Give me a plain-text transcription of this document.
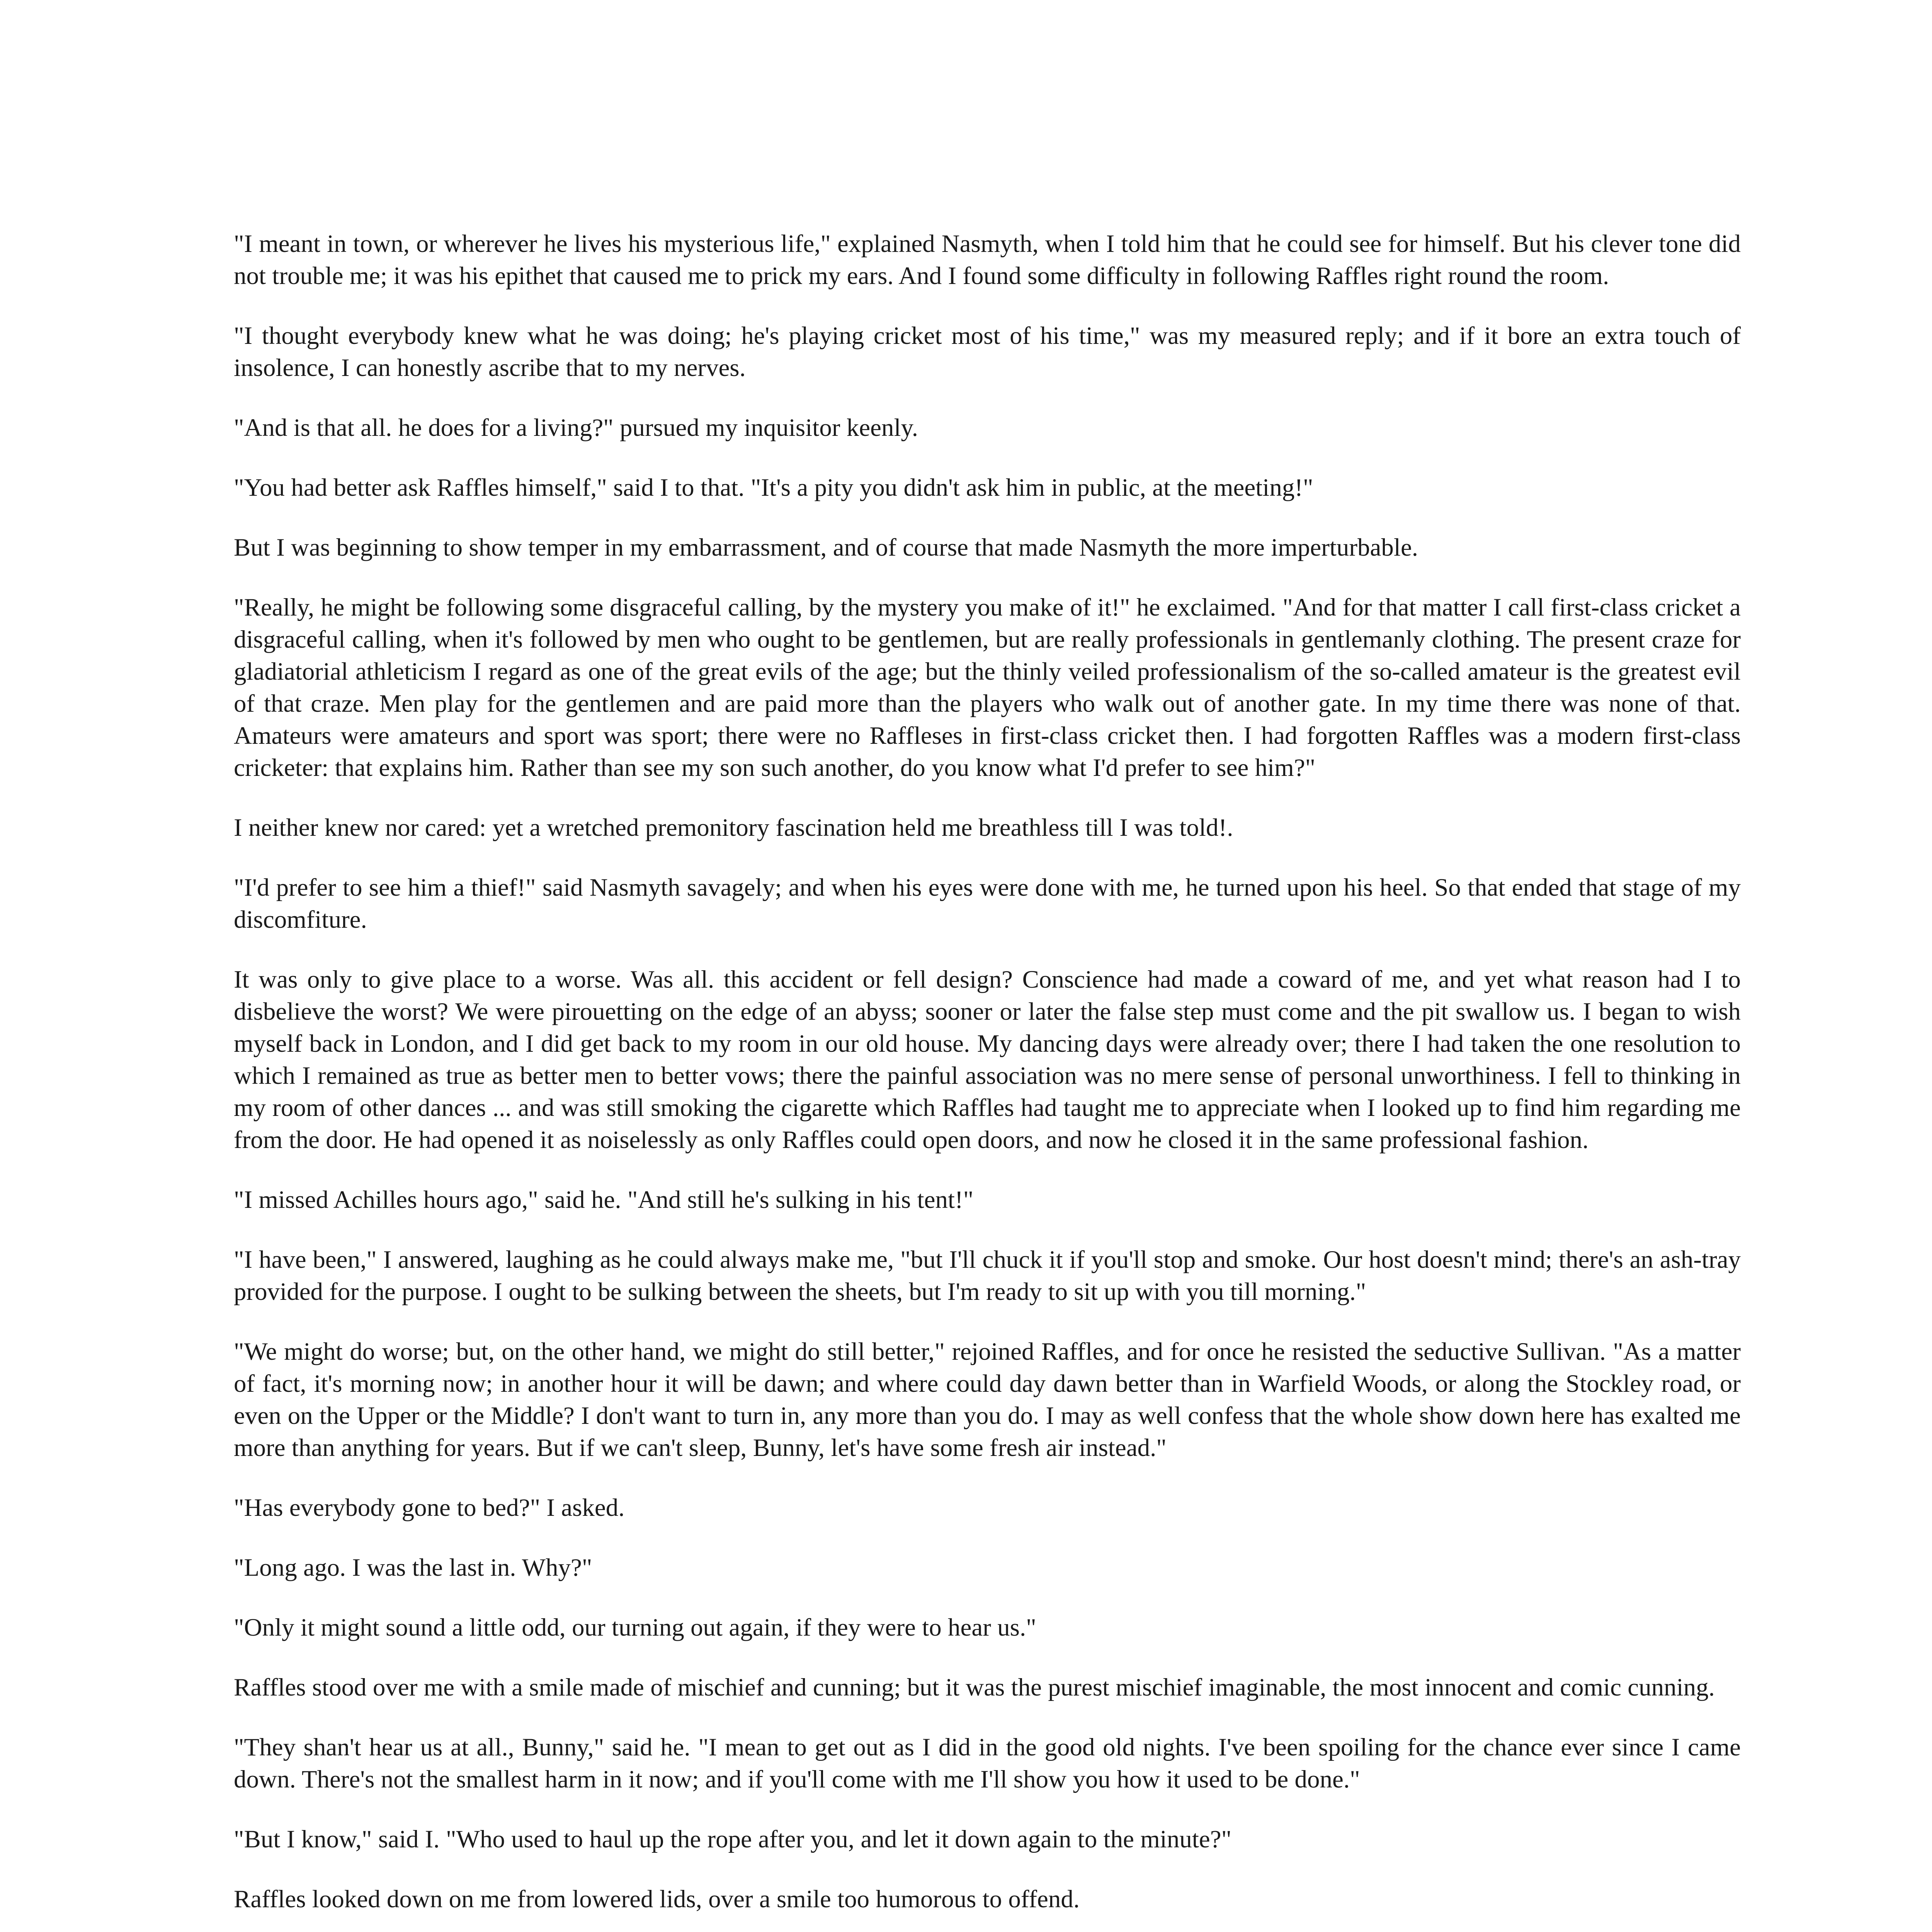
"I meant in town, or wherever he lives his mysterious life," explained Nasmyth, when I told him that he could see for himself. But his clever tone did not trouble me; it was his epithet that caused me to prick my ears. And I found some difficulty in following Raffles right round the room.

"I thought everybody knew what he was doing; he's playing cricket most of his time," was my measured reply; and if it bore an extra touch of insolence, I can honestly ascribe that to my nerves.

"And is that all. he does for a living?" pursued my inquisitor keenly.

"You had better ask Raffles himself," said I to that. "It's a pity you didn't ask him in public, at the meeting!"

But I was beginning to show temper in my embarrassment, and of course that made Nasmyth the more imperturbable.

"Really, he might be following some disgraceful calling, by the mystery you make of it!" he exclaimed. "And for that matter I call first-class cricket a disgraceful calling, when it's followed by men who ought to be gentlemen, but are really professionals in gentlemanly clothing. The present craze for gladiatorial athleticism I regard as one of the great evils of the age; but the thinly veiled professionalism of the so-called amateur is the greatest evil of that craze. Men play for the gentlemen and are paid more than the players who walk out of another gate. In my time there was none of that. Amateurs were amateurs and sport was sport; there were no Raffleses in first-class cricket then. I had forgotten Raffles was a modern first-class cricketer: that explains him. Rather than see my son such another, do you know what I'd prefer to see him?"

I neither knew nor cared: yet a wretched premonitory fascination held me breathless till I was told!.

"I'd prefer to see him a thief!" said Nasmyth savagely; and when his eyes were done with me, he turned upon his heel. So that ended that stage of my discomfiture.

It was only to give place to a worse. Was all. this accident or fell design? Conscience had made a coward of me, and yet what reason had I to disbelieve the worst? We were pirouetting on the edge of an abyss; sooner or later the false step must come and the pit swallow us. I began to wish myself back in London, and I did get back to my room in our old house. My dancing days were already over; there I had taken the one resolution to which I remained as true as better men to better vows; there the painful association was no mere sense of personal unworthiness. I fell to thinking in my room of other dances ... and was still smoking the cigarette which Raffles had taught me to appreciate when I looked up to find him regarding me from the door. He had opened it as noiselessly as only Raffles could open doors, and now he closed it in the same professional fashion.

"I missed Achilles hours ago," said he. "And still he's sulking in his tent!"

"I have been," I answered, laughing as he could always make me, "but I'll chuck it if you'll stop and smoke. Our host doesn't mind; there's an ash-tray provided for the purpose. I ought to be sulking between the sheets, but I'm ready to sit up with you till morning."

"We might do worse; but, on the other hand, we might do still better," rejoined Raffles, and for once he resisted the seductive Sullivan. "As a matter of fact, it's morning now; in another hour it will be dawn; and where could day dawn better than in Warfield Woods, or along the Stockley road, or even on the Upper or the Middle? I don't want to turn in, any more than you do. I may as well confess that the whole show down here has exalted me more than anything for years. But if we can't sleep, Bunny, let's have some fresh air instead."

"Has everybody gone to bed?" I asked.

"Long ago. I was the last in. Why?"

"Only it might sound a little odd, our turning out again, if they were to hear us."

Raffles stood over me with a smile made of mischief and cunning; but it was the purest mischief imaginable, the most innocent and comic cunning.

"They shan't hear us at all., Bunny," said he. "I mean to get out as I did in the good old nights. I've been spoiling for the chance ever since I came down. There's not the smallest harm in it now; and if you'll come with me I'll show you how it used to be done."

"But I know," said I. "Who used to haul up the rope after you, and let it down again to the minute?"

Raffles looked down on me from lowered lids, over a smile too humorous to offend.
